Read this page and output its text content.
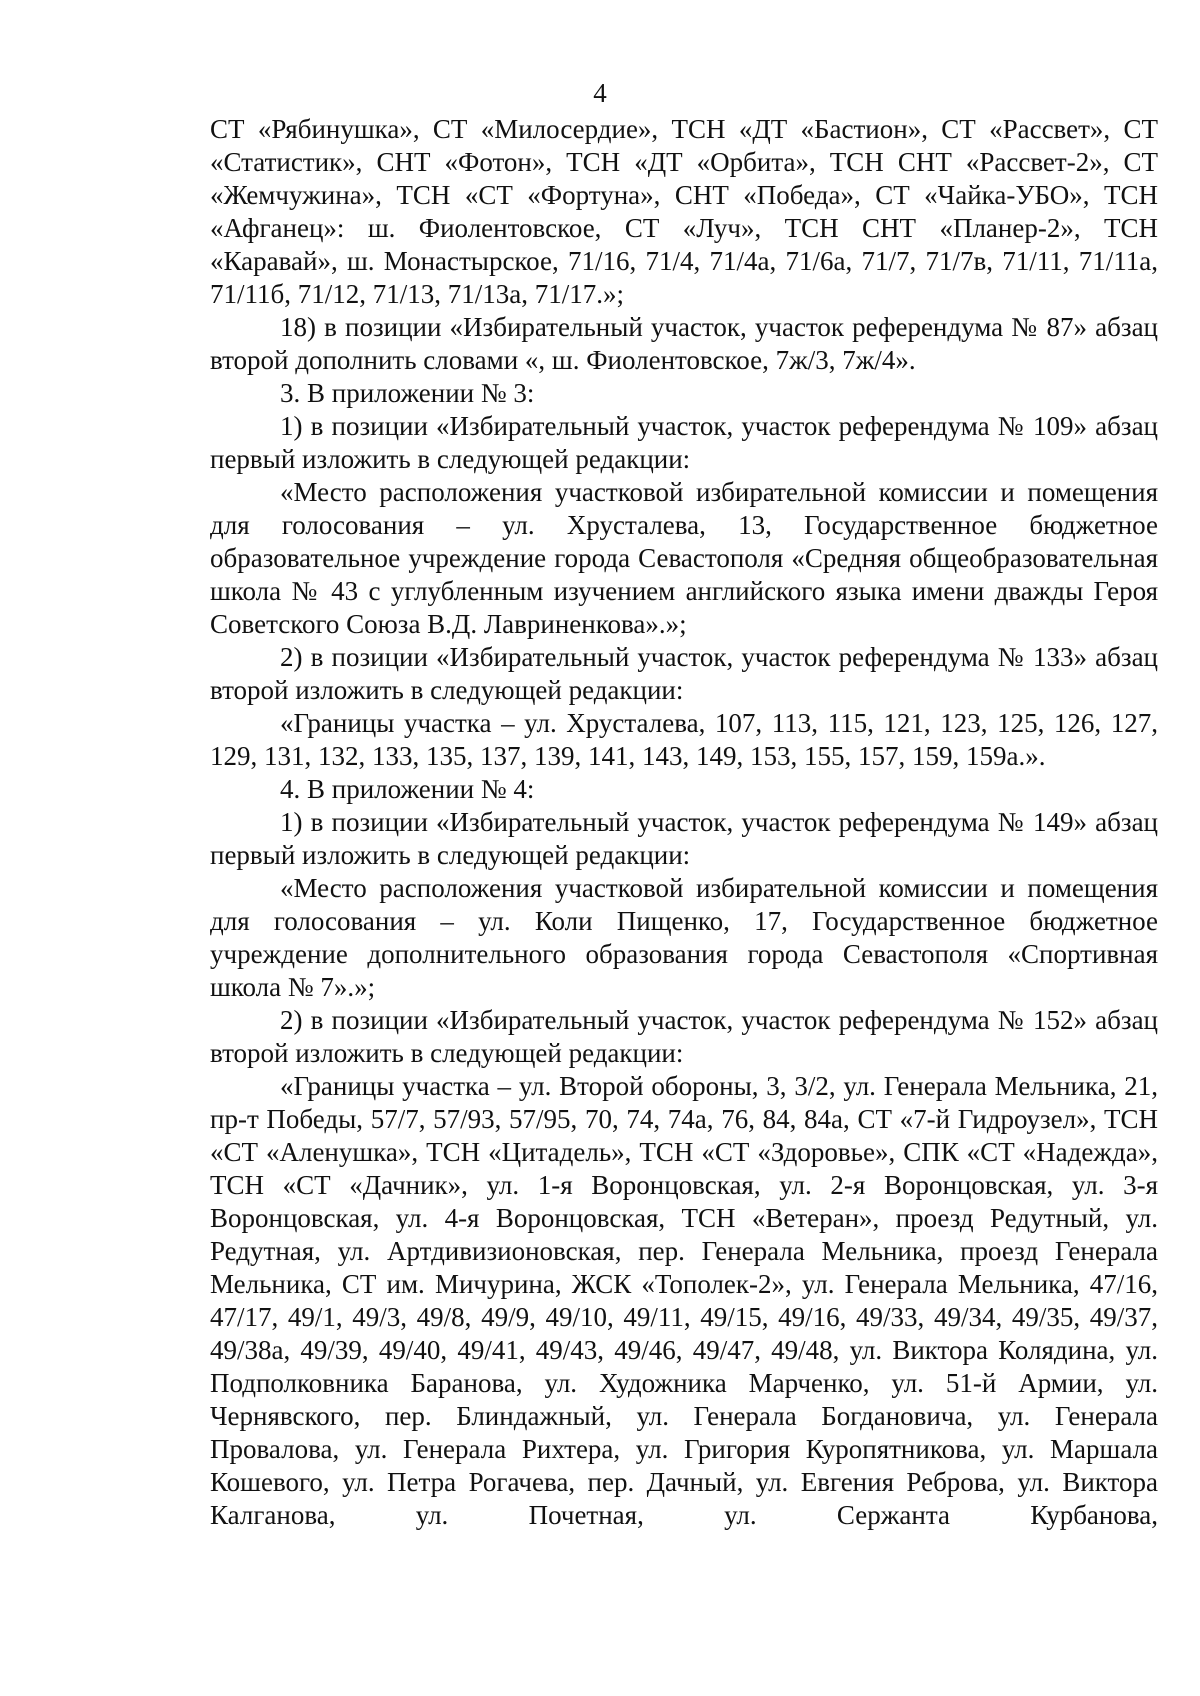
4

СТ «Рябинушка», СТ «Милосердие», ТСН «ДТ «Бастион», СТ «Рассвет», СТ «Статистик», СНТ «Фотон», ТСН «ДТ «Орбита», ТСН СНТ «Рассвет-2», СТ «Жемчужина», ТСН «СТ «Фортуна», СНТ «Победа», СТ «Чайка-УБО», ТСН «Афганец»: ш. Фиолентовское, СТ «Луч», ТСН СНТ «Планер-2», ТСН «Каравай», ш. Монастырское, 71/16, 71/4, 71/4а, 71/6а, 71/7, 71/7в, 71/11, 71/11а, 71/11б, 71/12, 71/13, 71/13а, 71/17.»;

18) в позиции «Избирательный участок, участок референдума № 87» абзац второй дополнить словами «, ш. Фиолентовское, 7ж/3, 7ж/4».

3. В приложении № 3:

1) в позиции «Избирательный участок, участок референдума № 109» абзац первый изложить в следующей редакции:

«Место расположения участковой избирательной комиссии и помещения для голосования – ул. Хрусталева, 13, Государственное бюджетное образовательное учреждение города Севастополя «Средняя общеобразовательная школа № 43 с углубленным изучением английского языка имени дважды Героя Советского Союза В.Д. Лавриненкова».»;

2) в позиции «Избирательный участок, участок референдума № 133» абзац второй изложить в следующей редакции:

«Границы участка – ул. Хрусталева, 107, 113, 115, 121, 123, 125, 126, 127, 129, 131, 132, 133, 135, 137, 139, 141, 143, 149, 153, 155, 157, 159, 159а.».

4. В приложении № 4:

1) в позиции «Избирательный участок, участок референдума № 149» абзац первый изложить в следующей редакции:

«Место расположения участковой избирательной комиссии и помещения для голосования – ул. Коли Пищенко, 17, Государственное бюджетное учреждение дополнительного образования города Севастополя «Спортивная школа № 7».»;

2) в позиции «Избирательный участок, участок референдума № 152» абзац второй изложить в следующей редакции:

«Границы участка – ул. Второй обороны, 3, 3/2, ул. Генерала Мельника, 21, пр-т Победы, 57/7, 57/93, 57/95, 70, 74, 74а, 76, 84, 84а, СТ «7-й Гидроузел», ТСН «СТ «Аленушка», ТСН «Цитадель», ТСН «СТ «Здоровье», СПК «СТ «Надежда», ТСН «СТ «Дачник», ул. 1-я Воронцовская, ул. 2-я Воронцовская, ул. 3-я Воронцовская, ул. 4-я Воронцовская, ТСН «Ветеран», проезд Редутный, ул. Редутная, ул. Артдивизионовская, пер. Генерала Мельника, проезд Генерала Мельника, СТ им. Мичурина, ЖСК «Тополек-2», ул. Генерала Мельника, 47/16, 47/17, 49/1, 49/3, 49/8, 49/9, 49/10, 49/11, 49/15, 49/16, 49/33, 49/34, 49/35, 49/37, 49/38а, 49/39, 49/40, 49/41, 49/43, 49/46, 49/47, 49/48, ул. Виктора Колядина, ул. Подполковника Баранова, ул. Художника Марченко, ул. 51-й Армии, ул. Чернявского, пер. Блиндажный, ул. Генерала Богдановича, ул. Генерала Провалова, ул. Генерала Рихтера, ул. Григория Куропятникова, ул. Маршала Кошевого, ул. Петра Рогачева, пер. Дачный, ул. Евгения Реброва, ул. Виктора Калганова, ул. Почетная, ул. Сержанта Курбанова,
